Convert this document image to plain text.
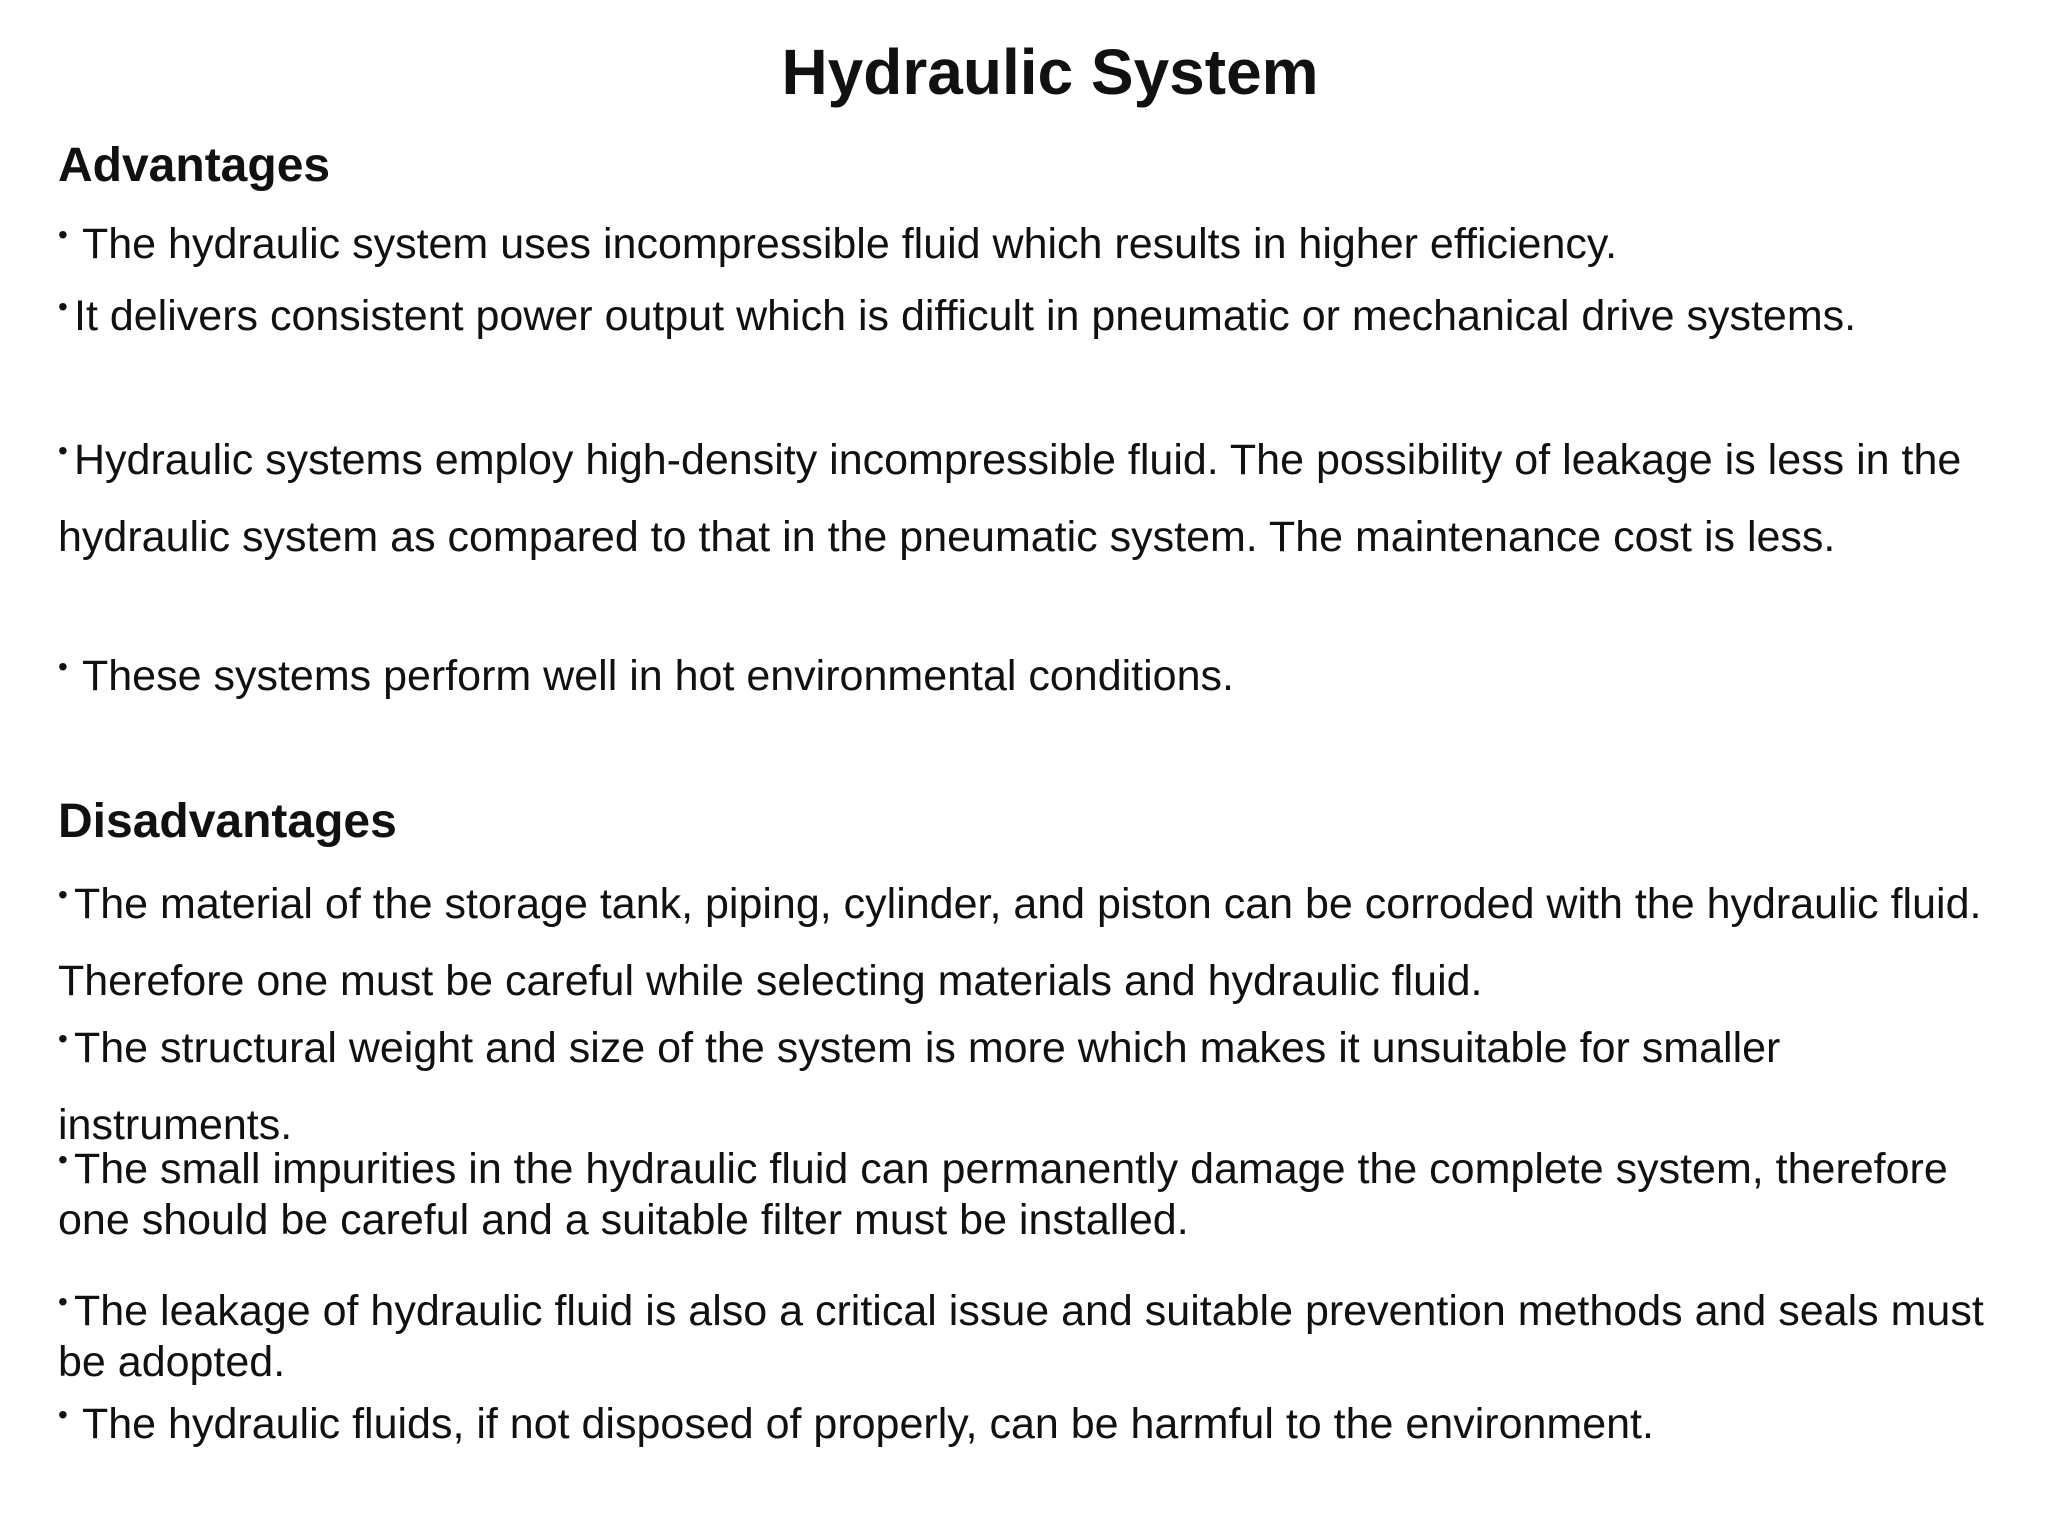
Hydraulic System
Advantages
• The hydraulic system uses incompressible fluid which results in higher efficiency.
• It delivers consistent power output which is difficult in pneumatic or mechanical drive systems.
• Hydraulic systems employ high-density incompressible fluid. The possibility of leakage is less in the hydraulic system as compared to that in the pneumatic system. The maintenance cost is less.
• These systems perform well in hot environmental conditions.
Disadvantages
• The material of the storage tank, piping, cylinder, and piston can be corroded with the hydraulic fluid. Therefore one must be careful while selecting materials and hydraulic fluid.
• The structural weight and size of the system is more which makes it unsuitable for smaller instruments.
• The small impurities in the hydraulic fluid can permanently damage the complete system, therefore one should be careful and a suitable filter must be installed.
• The leakage of hydraulic fluid is also a critical issue and suitable prevention methods and seals must be adopted.
• The hydraulic fluids, if not disposed of properly, can be harmful to the environment.
